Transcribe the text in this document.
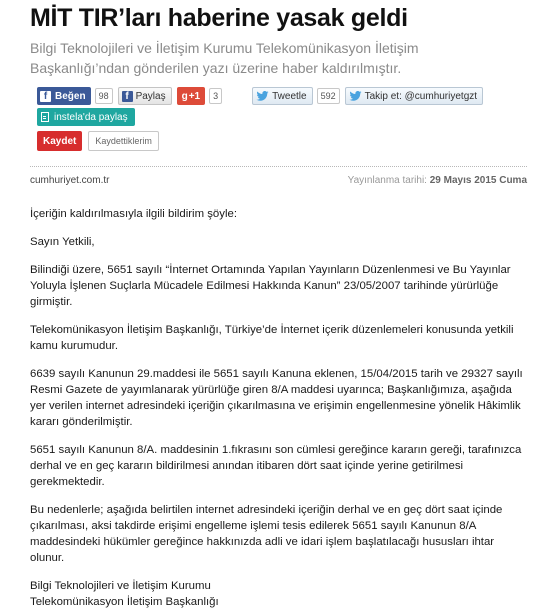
MİT TIR’ları haberine yasak geldi
Bilgi Teknolojileri ve İletişim Kurumu Telekomünikasyon İletişim Başkanlığı’ndan gönderilen yazı üzerine haber kaldırılmıştır.
f Beğen	98	f Paylaş g +1	3	Tweetle	592	Takip et: @cumhuriyetgzt
instela'da paylaş
Kaydet	Kaydettiklerim
cumhuriyet.com.tr	Yayınlanma tarihi: 29 Mayıs 2015 Cuma

İçeriğin kaldırılmasıyla ilgili bildirim şöyle:

Sayın Yetkili,

Bilindiği üzere, 5651 sayılı “İnternet Ortamında Yapılan Yayınların Düzenlenmesi ve Bu Yayınlar Yoluyla İşlenen Suçlarla Mücadele Edilmesi Hakkında Kanun” 23/05/2007 tarihinde yürürlüğe girmiştir.

Telekomünikasyon İletişim Başkanlığı, Türkiye’de İnternet içerik düzenlemeleri konusunda yetkili kamu kurumudur.

6639 sayılı Kanunun 29.maddesi ile 5651 sayılı Kanuna eklenen, 15/04/2015 tarih ve 29327 sayılı Resmi Gazete de yayımlanarak yürürlüğe giren 8/A maddesi uyarınca; Başkanlığımıza, aşağıda yer verilen internet adresindeki içeriğin çıkarılmasına ve erişimin engellenmesine yönelik Hâkimlik kararı gönderilmiştir.

5651 sayılı Kanunun 8/A. maddesinin 1.fıkrasını son cümlesi gereğince kararın gereği, tarafınızca derhal ve en geç kararın bildirilmesi anından itibaren dört saat içinde yerine getirilmesi gerekmektedir.

Bu nedenlerle; aşağıda belirtilen internet adresindeki içeriğin derhal ve en geç dört saat içinde çıkarılması, aksi takdirde erişimi engelleme işlemi tesis edilerek 5651 sayılı Kanunun 8/A maddesindeki hükümler gereğince hakkınızda adli ve idari işlem başlatılacağı hususları ihtar olunur.

Bilgi Teknolojileri ve İletişim Kurumu

Telekomünikasyon İletişim Başkanlığı
